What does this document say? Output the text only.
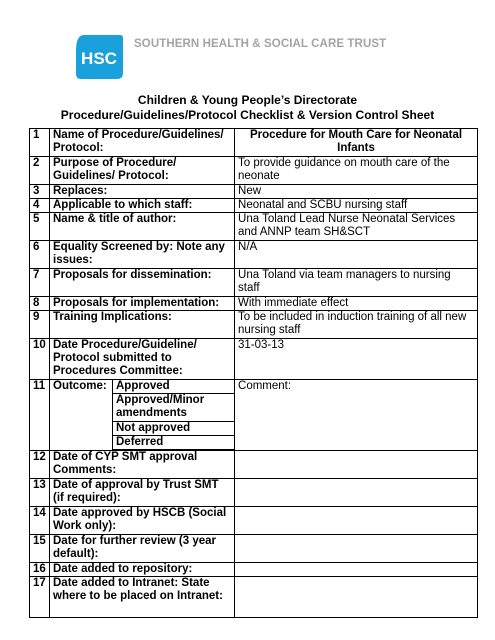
HSC
SOUTHERN HEALTH & SOCIAL CARE TRUST
Children & Young People’s Directorate
Procedure/Guidelines/Protocol Checklist & Version Control Sheet
1	Name of Procedure/Guidelines/ Protocol:		Procedure for Mouth Care for Neonatal Infants
2	Purpose of Procedure/ Guidelines/ Protocol:		To provide guidance on mouth care of the neonate
3	Replaces:		New
4	Applicable to which staff:		Neonatal and SCBU nursing staff
5	Name & title of author:		Una Toland Lead Nurse Neonatal Services and ANNP team SH&SCT
6	Equality Screened by: Note any issues:		N/A
7	Proposals for dissemination:		Una Toland via team managers to nursing staff
8	Proposals for implementation:		With immediate effect
9	Training Implications:		To be included in induction training of all new nursing staff
10	Date Procedure/Guideline/ Protocol submitted to Procedures Committee:		31-03-13
11	Outcome:	Approved	Comment:
		Approved/Minor amendments	
		Not approved	
		Deferred	

12	Date of CYP SMT approval Comments:		
13	Date of approval by Trust SMT (if required):		
14	Date approved by HSCB (Social Work only):		
15	Date for further review (3 year default):		
16	Date added to repository:		
17	Date added to Intranet: State where to be placed on Intranet:		
